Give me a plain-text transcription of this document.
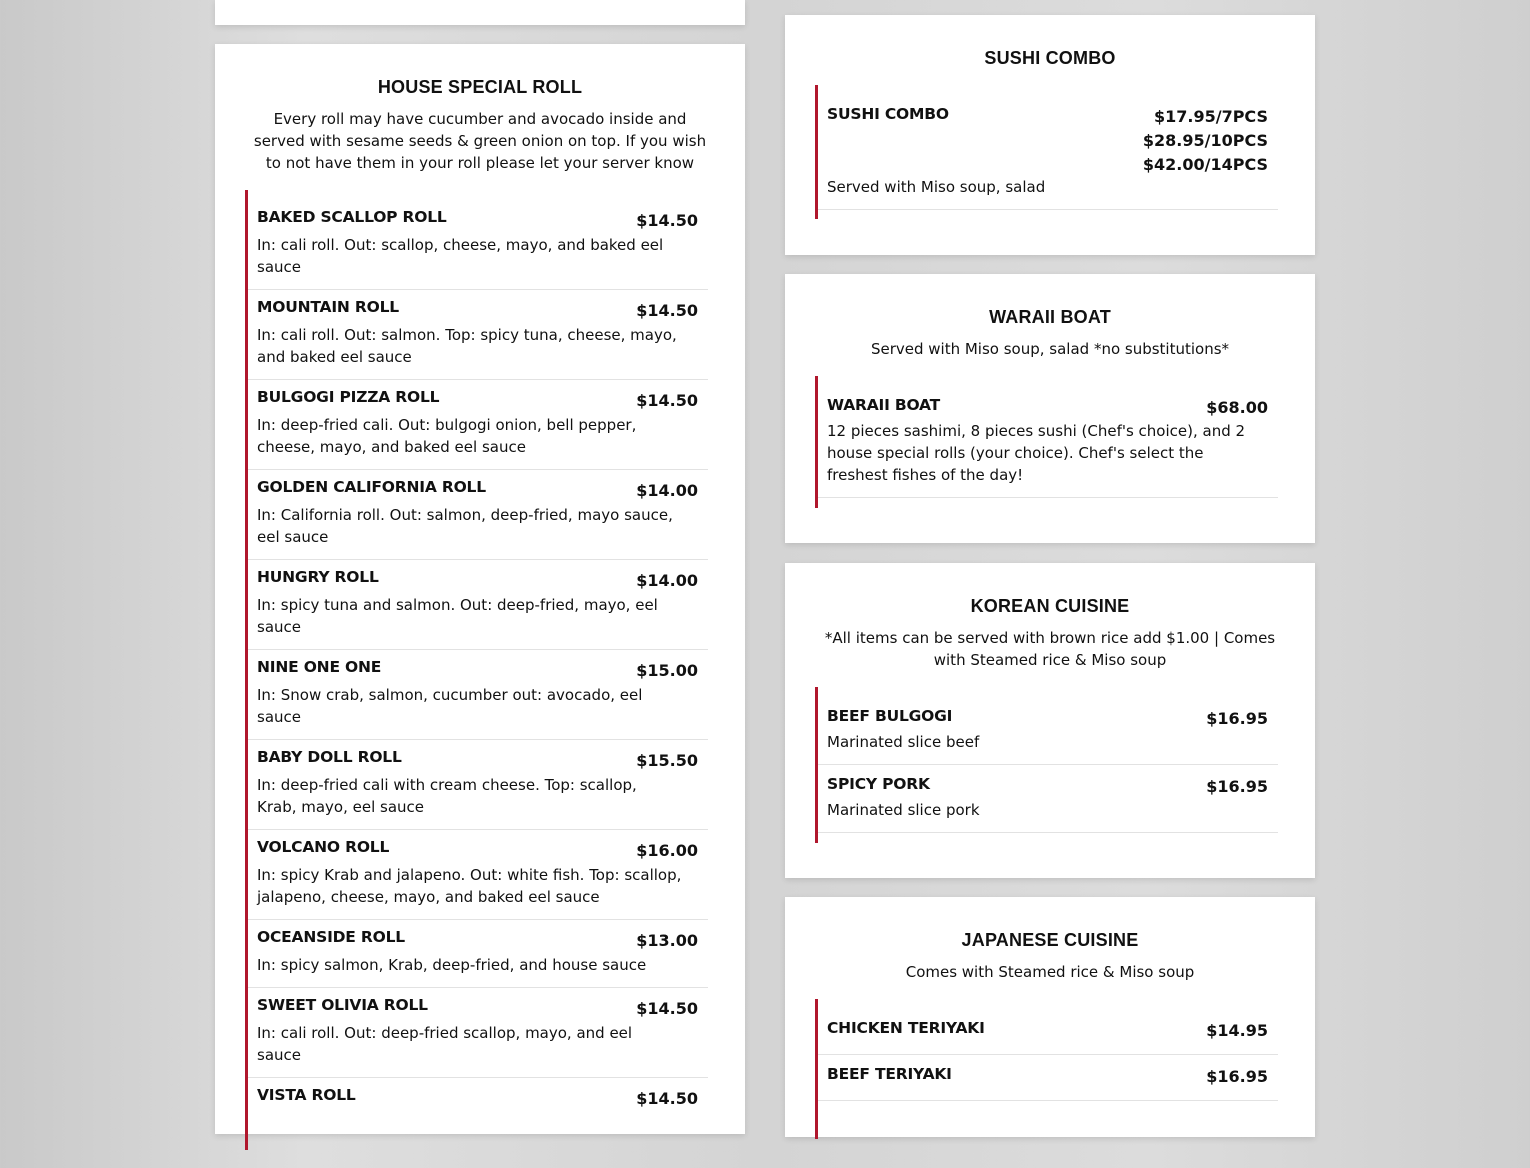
HOUSE SPECIAL ROLL

Every roll may have cucumber and avocado inside and

served with sesame seeds & green onion on top. If you wish

to not have them in your roll please let your server know

BAKED SCALLOP ROLL	$14.50
In: cali roll. Out: scallop, cheese, mayo, and baked eel
sauce
MOUNTAIN ROLL	$14.50
In: cali roll. Out: salmon. Top: spicy tuna, cheese, mayo,
and baked eel sauce
BULGOGI PIZZA ROLL	$14.50
In: deep-fried cali. Out: bulgogi onion, bell pepper,
cheese, mayo, and baked eel sauce
GOLDEN CALIFORNIA ROLL	$14.00
In: California roll. Out: salmon, deep-fried, mayo sauce,
eel sauce
HUNGRY ROLL	$14.00
In: spicy tuna and salmon. Out: deep-fried, mayo, eel
sauce
NINE ONE ONE	$15.00
In: Snow crab, salmon, cucumber out: avocado, eel
sauce
BABY DOLL ROLL	$15.50
In: deep-fried cali with cream cheese. Top: scallop,
Krab, mayo, eel sauce
VOLCANO ROLL	$16.00
In: spicy Krab and jalapeno. Out: white fish. Top: scallop,
jalapeno, cheese, mayo, and baked eel sauce
OCEANSIDE ROLL	$13.00
In: spicy salmon, Krab, deep-fried, and house sauce
SWEET OLIVIA ROLL	$14.50
In: cali roll. Out: deep-fried scallop, mayo, and eel
sauce
VISTA ROLL	$14.50
SUSHI COMBO
SUSHI COMBO	$17.95/7PCS
$28.95/10PCS
$42.00/14PCS
Served with Miso soup, salad
WARAII BOAT

Served with Miso soup, salad *no substitutions*

WARAII BOAT	$68.00
12 pieces sashimi, 8 pieces sushi (Chef's choice), and 2
house special rolls (your choice). Chef's select the
freshest fishes of the day!
KOREAN CUISINE

*All items can be served with brown rice add $1.00 | Comes

with Steamed rice & Miso soup

BEEF BULGOGI	$16.95
Marinated slice beef
SPICY PORK	$16.95
Marinated slice pork
JAPANESE CUISINE

Comes with Steamed rice & Miso soup

CHICKEN TERIYAKI	$14.95
BEEF TERIYAKI	$16.95
